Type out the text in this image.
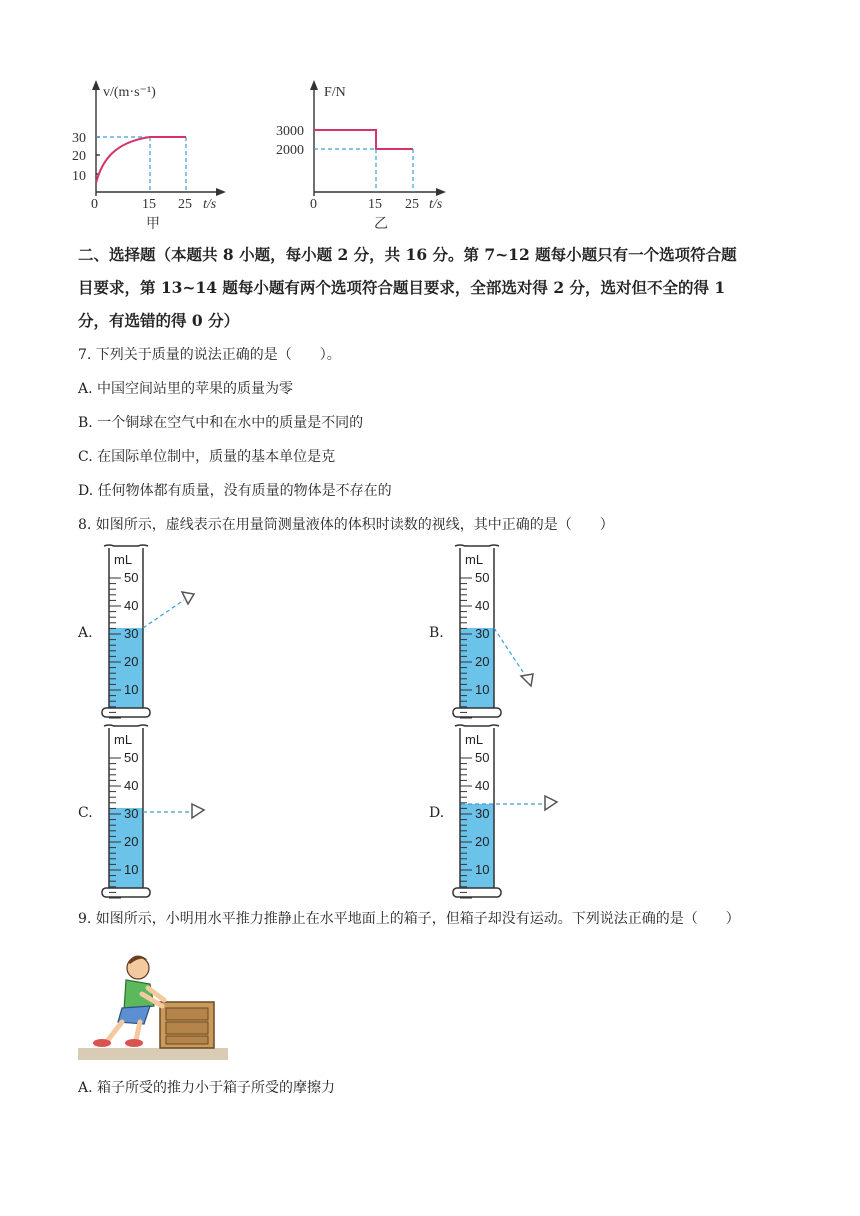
v/(m·s⁻¹)
30
20
10
0	15 25 t/s
甲
F/N
3000
2000
0	15 25 t/s
乙
二、选择题（本题共 8 小题，每小题 2 分，共 16 分。第 7~12 题每小题只有一个选项符合题
目要求，第 13~14 题每小题有两个选项符合题目要求，全部选对得 2 分，选对但不全的得 1
分，有选错的得 0 分）
7. 下列关于质量的说法正确的是（　　）。
A. 中国空间站里的苹果的质量为零
B. 一个铜球在空气中和在水中的质量是不同的
C. 在国际单位制中，质量的基本单位是克
D. 任何物体都有质量，没有质量的物体是不存在的
8. 如图所示，虚线表示在用量筒测量液体的体积时读数的视线，其中正确的是（　　）
A.	B.
C.	D.
mL
50
40
30
20
10
mL
50
40
30
20
10
mL
50
40
30
20
10
mL
50
40
30
20
10
9. 如图所示，小明用水平推力推静止在水平地面上的箱子，但箱子却没有运动。下列说法正确的是（　　）
A. 箱子所受的推力小于箱子所受的摩擦力
